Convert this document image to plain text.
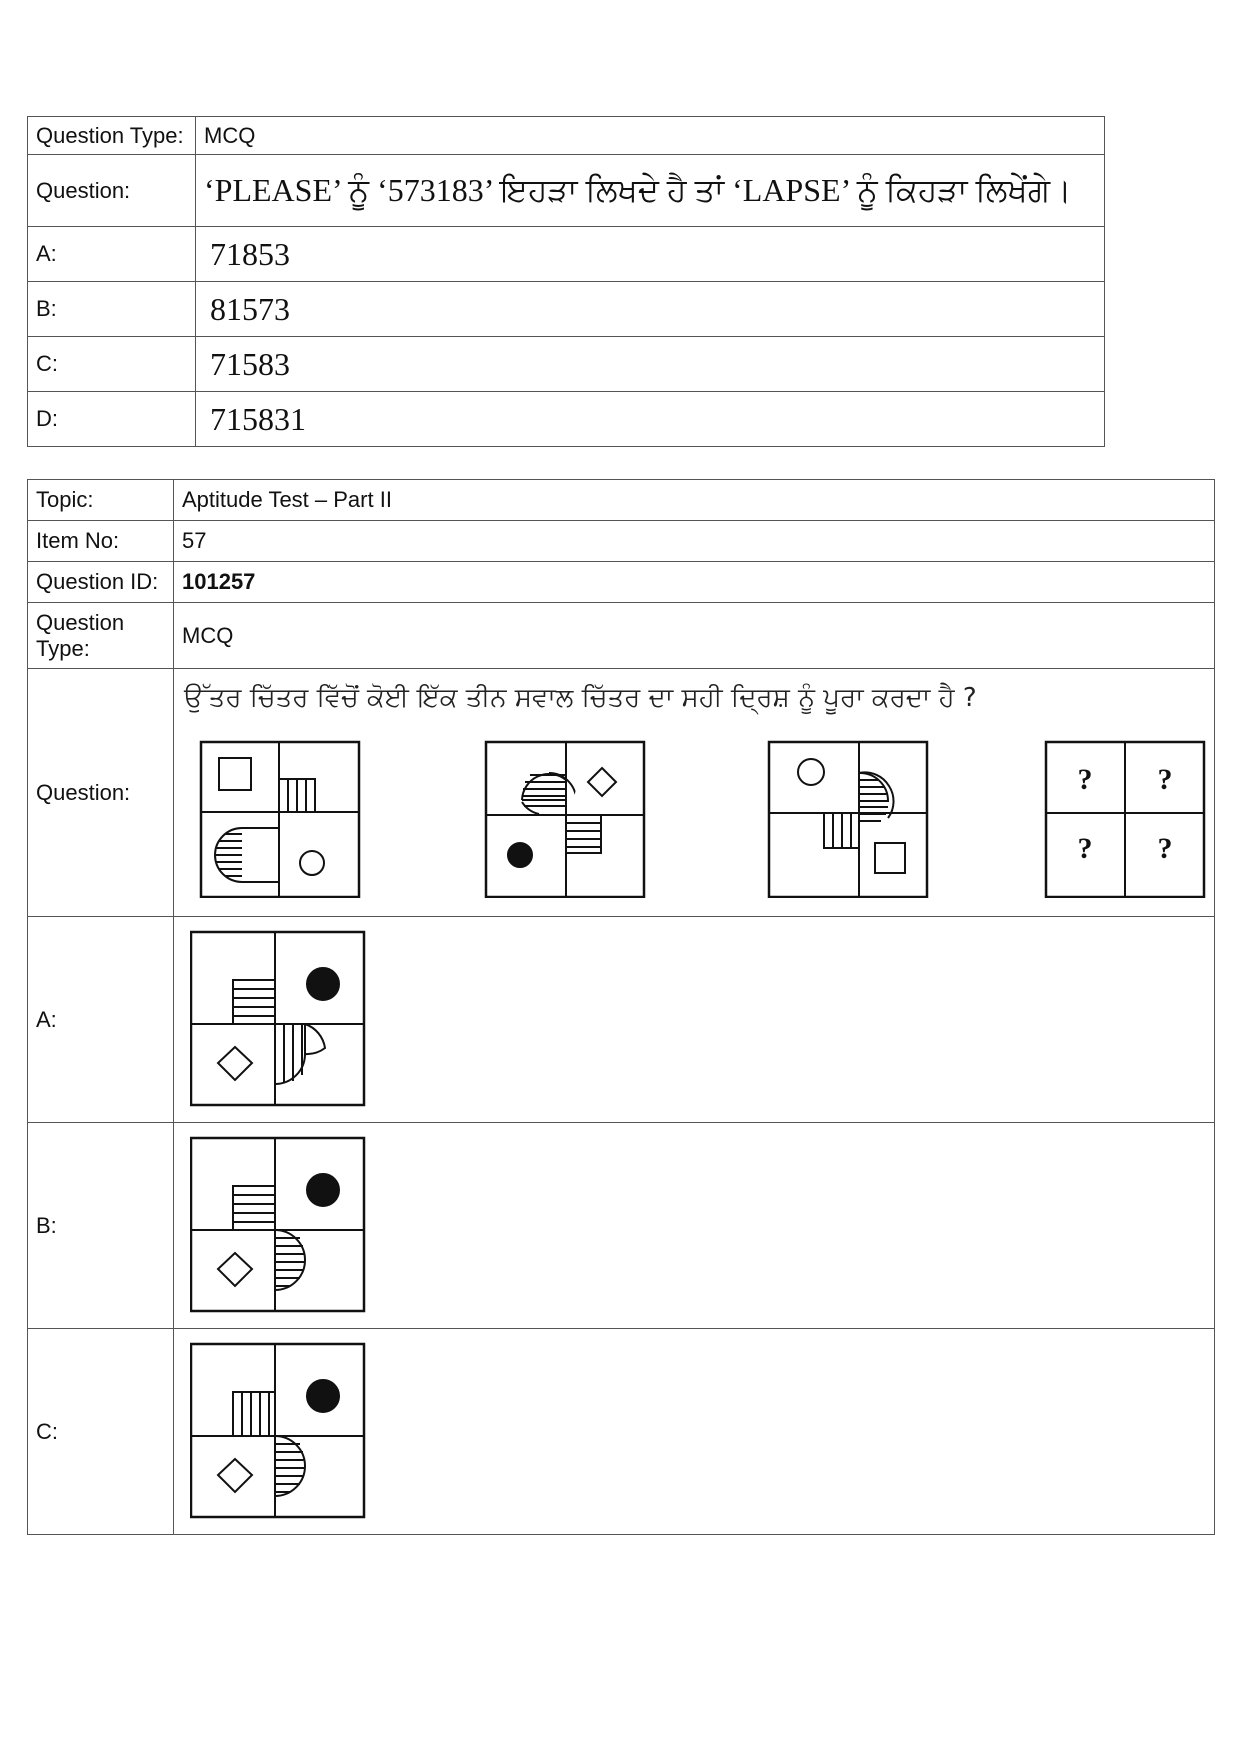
Question Type:	MCQ
Question:	‘PLEASE’ ਨੂੰ ‘573183’ ਇਹੜਾ ਲਿਖਦੇ ਹੈ ਤਾਂ ‘LAPSE’ ਨੂੰ ਕਿਹੜਾ ਲਿਖੇਂਗੇ।
A:	71853
B:	81573
C:	71583
D:	715831
Topic:	Aptitude Test – Part II
Item No:	57
Question ID:	101257
Question Type:	MCQ
Question:	ਉੱਤਰ ਚਿੱਤਰ ਵਿੱਚੋਂ ਕੋਈ ਇੱਕ ਤੀਨ ਸਵਾਲ ਚਿੱਤਰ ਦਾ ਸਹੀ ਦ੍ਰਿਸ਼ ਨੂੰ ਪੂਰਾ ਕਰਦਾ ਹੈ ?
? ?
? ?

A:	

B:	

C:	
